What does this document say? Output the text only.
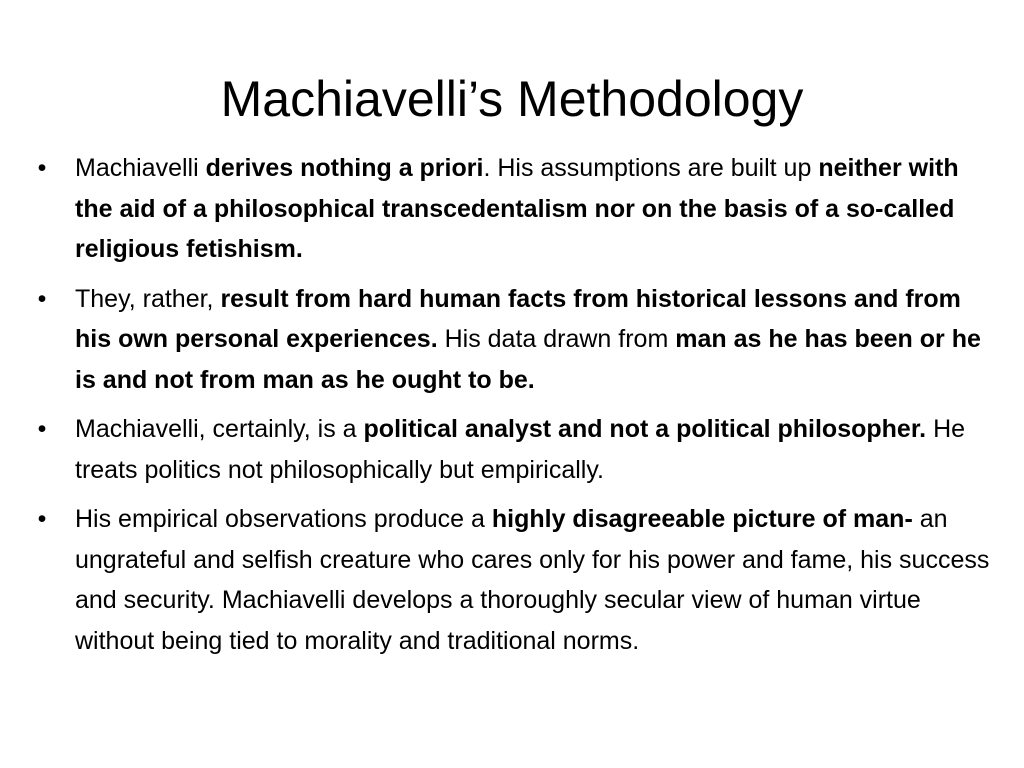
Machiavelli’s Methodology
• Machiavelli derives nothing a priori. His assumptions are built up neither with the aid of a philosophical transcedentalism nor on the basis of a so-called religious fetishism.
• They, rather, result from hard human facts from historical lessons and from his own personal experiences. His data drawn from man as he has been or he is and not from man as he ought to be.
• Machiavelli, certainly, is a political analyst and not a political philosopher. He treats politics not philosophically but empirically.
• His empirical observations produce a highly disagreeable picture of man- an ungrateful and selfish creature who cares only for his power and fame, his success and security. Machiavelli develops a thoroughly secular view of human virtue without being tied to morality and traditional norms.
